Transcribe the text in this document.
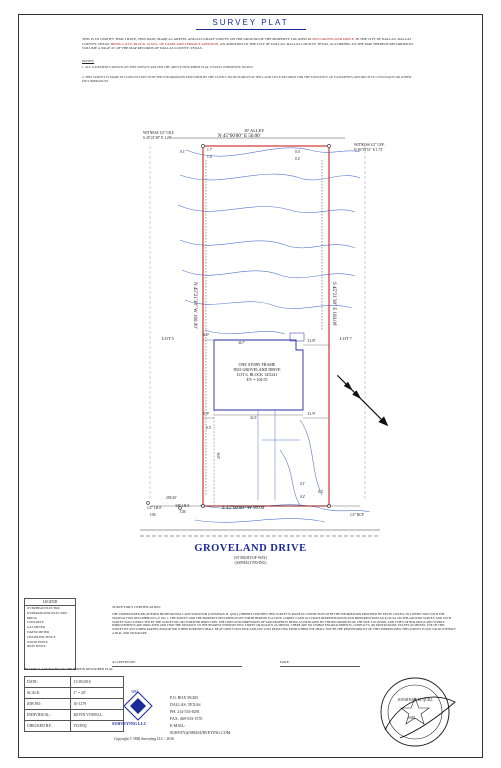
SURVEY PLAT
THIS IS TO CERTIFY THAT I HAVE, THIS DATE, MADE A CAREFUL AND ACCURATE SURVEY ON THE GROUND OF THE PROPERTY LOCATED AT 8923 GROVELAND DRIVE, IN THE CITY OF DALLAS, DALLAS COUNTY, TEXAS. BEING LOT 6, BLOCK 14/5241, OF LAKELAND TERRACE ADDITION, AN ADDITION TO THE CITY OF DALLAS, DALLAS COUNTY, TEXAS, ACCORDING TO THE MAP THEREOF RECORDED IN VOLUME 4, PAGE 47, OF THE MAP RECORDS OF DALLAS COUNTY, TEXAS.
NOTES:
1. ALL EASEMENTS SHOWN ON THIS SURVEY ARE PER THE ABOVE DESCRIBED PLAT, UNLESS OTHERWISE NOTED.
2. THIS SURVEY IS MADE IN CONJUNCTION WITH THE INFORMATION PROVIDED BY THE CLIENT. NO RESEARCH OF THE LAND TITLE RECORDS FOR THE EXISTENCE OF EASEMENTS, RESTRICTIVE COVENANTS OR OTHER ENCUMBRANCES
10' ALLEY
N 45°00'00" E 50.00'
WITNESS 1/2" I.R.F.
S 45°21'38" E 1.20'
WITNESS 1/2" I.P.F.
N 36°59'51" E 1.73'
N 45°21'38" W 160.00'	S 45°21'38" E 160.00'
LOT 5	LOT 7
0.1'	1.7'
1.4'
0.4'
0.2'
0.3'
0.1'
0.3'
0.2'
6.0'
11.8'
5.9'	11.9'
34.7'
32.3'
36.8'
258.30'
1/2" I.R.F.
CM
3/8" I.R.F.
CM
1/2" RCP
S 45°00'00" W 50.00'
ONE STORY FRAME
8923 GROVELAND DRIVE
LOT 6, BLOCK 14/5241
F.F. = 104.55
GROVELAND DRIVE
(50' RIGHT-OF-WAY)
(ASPHALT PAVING)
LEGEND
OVERHEAD ELECTRIC
UNDERGROUND ELECTRIC
BRICK
CONCRETE
GAS METER
WATER METER
CHAINLINK FENCE
WOOD FENCE
IRON FENCE
BEARINGS ARE BASED ON THE HEREIN DESCRIBED PLAT.
DATE:	11/18/2016
SCALE:	1" = 20'
JOB NO:	16-1279
INDIVIDUAL:	KEVIN VOWELL
CHECKED BY:	TO/JNQ
SURVEYOR'S CERTIFICATION:
THE UNDERSIGNED REGISTERED PROFESSIONAL LAND SURVEYOR (JONATHAN M. QUILL) HEREBY CERTIFIES THIS SURVEY IS MADE IN CONNECTION WITH THE INFORMATION PROVIDED BY KEVIN VOWELL IN CONNECTION WITH THE TRANSACTION DESCRIBED IN G.F. NO. 1. THE SURVEY AND THE PROPERTY DESCRIPTION SET FORTH HEREON IS A TRUE, CORRECT AND ACCURATE REPRESENTATION AND PREPARED FROM AN ACTUAL ON-THE-GROUND SURVEY, AND SUCH SURVEY WAS CONDUCTED BY THE SURVEYOR, OR UNDER HIS DIRECTION. THE LINES AND DIMENSIONS OF SAID PROPERTY BEING AS INDICATED BY THE RECORDED PLAT; THE SIZE, LOCATION, AND TYPES OF BUILDINGS AND VISIBLE IMPROVEMENTS ARE INDICATED AND THAT THE DISTANCE TO THE NEAREST INTERSECTING STREET OR ROAD IS AS SHOWN. THERE ARE NO VISIBLE ENCROACHMENTS, CONFLICTS, OR PROTRUSIONS, EXCEPT AS SHOWN. USE OF THIS SURVEY BY ANY OTHER PARTIES AND/OR FOR OTHER PURPOSES SHALL BE AT USER'S OWN RISK AND ANY LOSS RESULTING FROM OTHER USE SHALL NOT BE THE RESPONSIBILITY OF THE UNDERSIGNED. THIS SURVEY IS NOT VALID WITHOUT A SEAL AND SIGNATURE.
ACCEPTED BY:	DATE:
5882
SURVEYING LLC
P.O. BOX 59/205
DALLAS, TEXAS
PH. 214-533-8291
FAX. 469-533-1570
E-MAIL:
SURVEY@5882SURVEYING.COM
Copyright © 5882 Surveying LLC - 2016
JONATHAN M. QUILL
6382
